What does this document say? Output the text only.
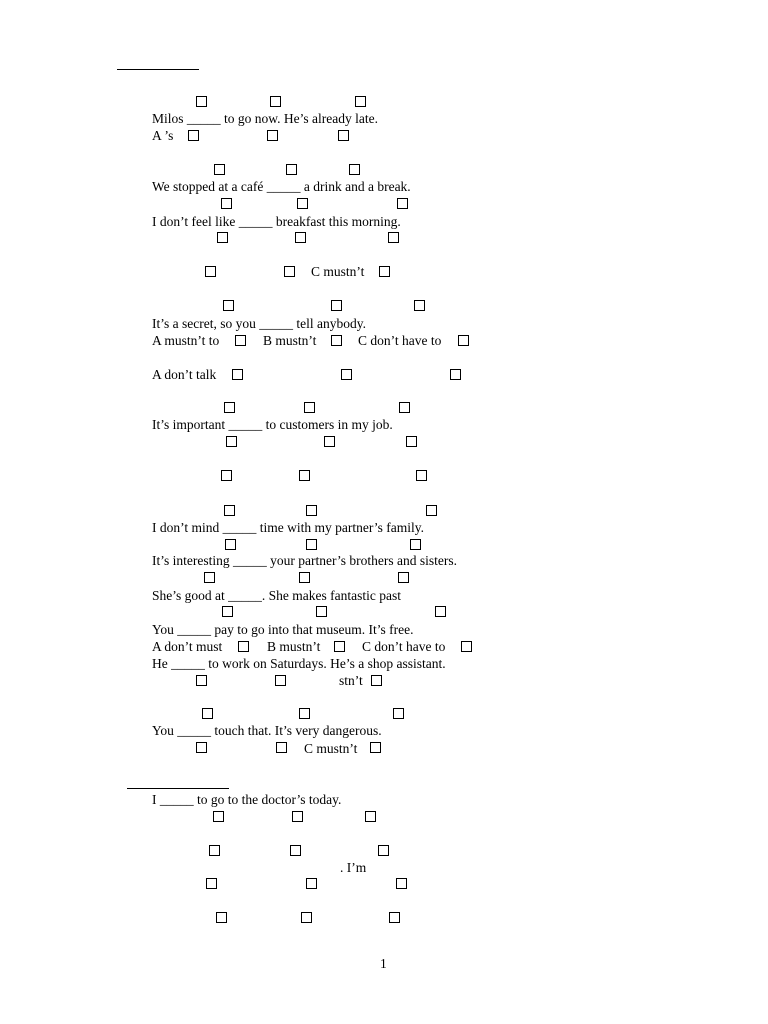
Milos _____ to go now. He’s already late.
A ’s
We stopped at a café _____ a drink and a break.
I don’t feel like _____ breakfast this morning.
C mustn’t
It’s a secret, so you _____ tell anybody.
A mustn’t to	B mustn’t	C don’t have to
A don’t talk
It’s important _____ to customers in my job.
I don’t mind _____ time with my partner’s family.
It’s interesting _____ your partner’s brothers and sisters.
She’s good at _____. She makes fantastic past
You _____ pay to go into that museum. It’s free.
A don’t must	B mustn’t	C don’t have to
He _____ to work on Saturdays. He’s a shop assistant.
stn’t
You _____ touch that. It’s very dangerous.
C mustn’t
I _____ to go to the doctor’s today.
. I’m
1
